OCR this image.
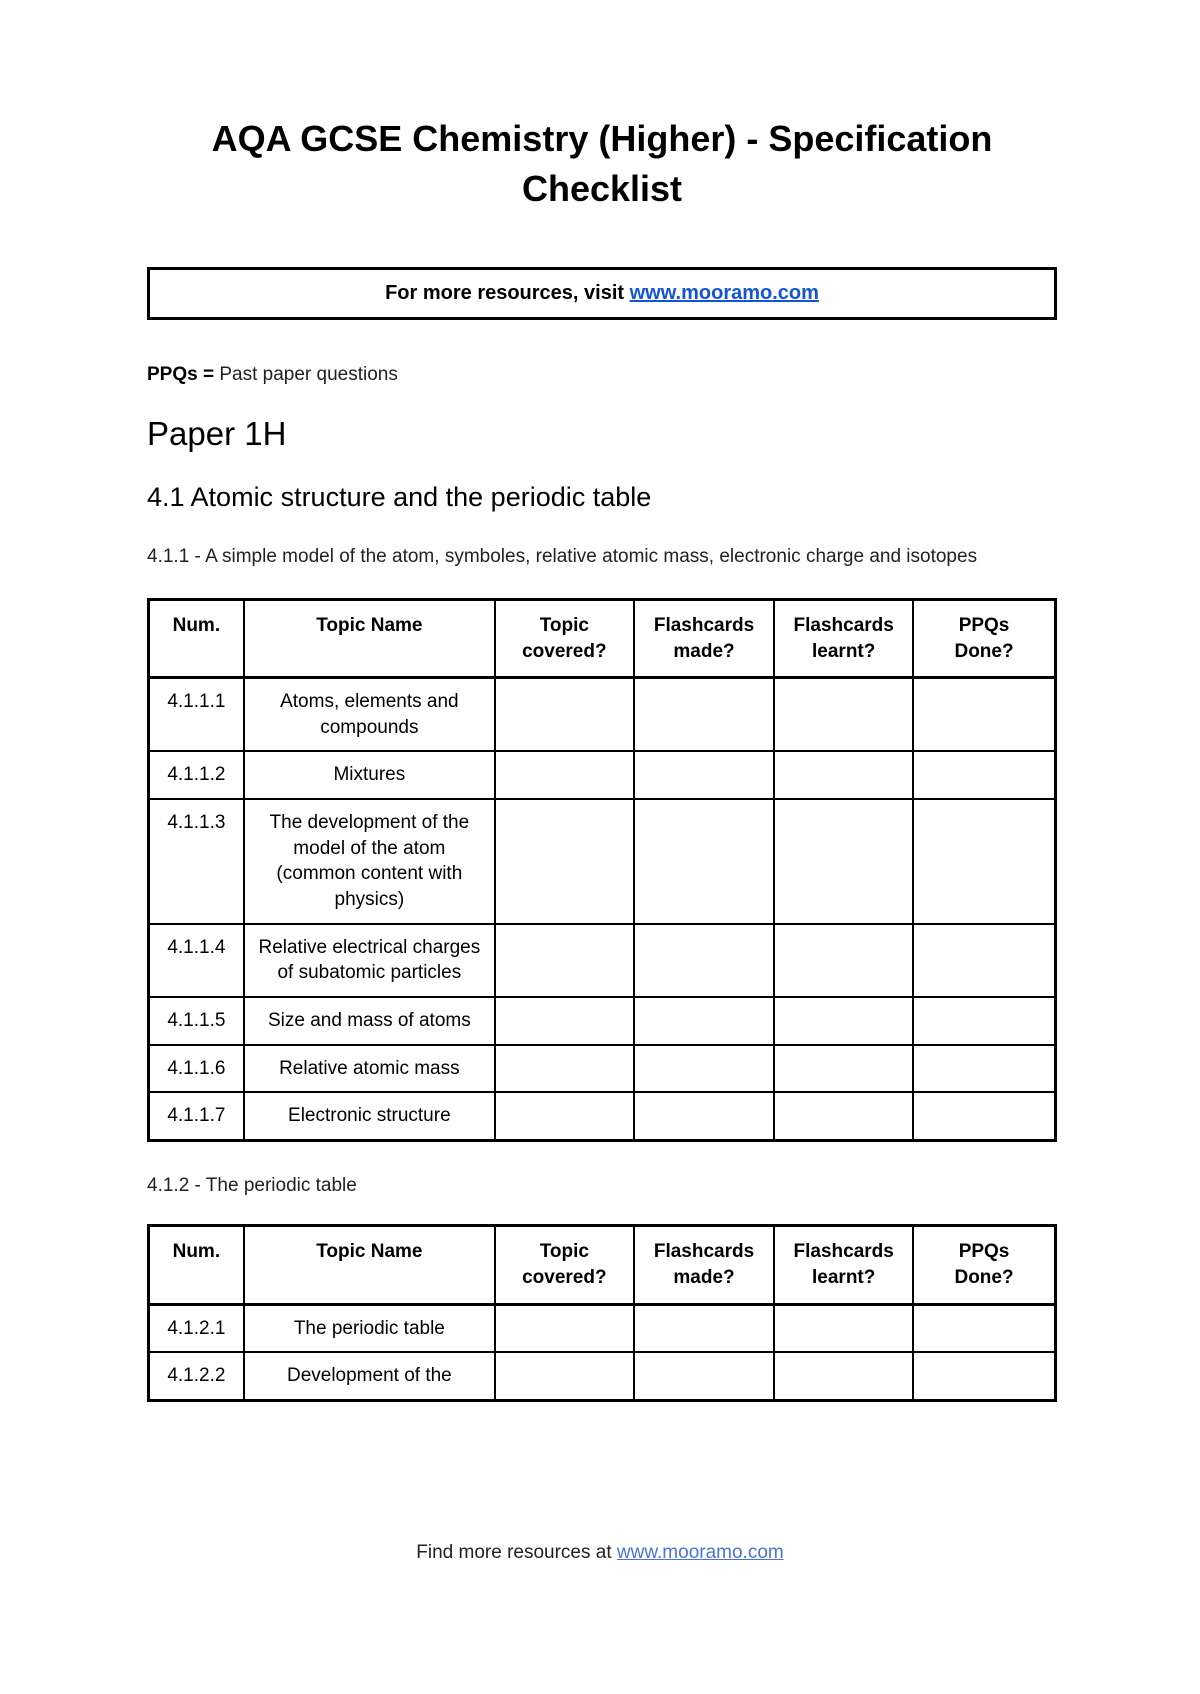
AQA GCSE Chemistry (Higher) - Specification Checklist
For more resources, visit www.mooramo.com

PPQs = Past paper questions

Paper 1H
4.1 Atomic structure and the periodic table

4.1.1 - A simple model of the atom, symboles, relative atomic mass, electronic charge and isotopes

Num.	Topic Name	Topic covered?	Flashcards made?	Flashcards learnt?	PPQs Done?
4.1.1.1	Atoms, elements and compounds				
4.1.1.2	Mixtures				
4.1.1.3	The development of the model of the atom (common content with physics)				
4.1.1.4	Relative electrical charges of subatomic particles				
4.1.1.5	Size and mass of atoms				
4.1.1.6	Relative atomic mass				
4.1.1.7	Electronic structure				

4.1.2 - The periodic table

Num.	Topic Name	Topic covered?	Flashcards made?	Flashcards learnt?	PPQs Done?
4.1.2.1	The periodic table				
4.1.2.2	Development of the				
Find more resources at www.mooramo.com
